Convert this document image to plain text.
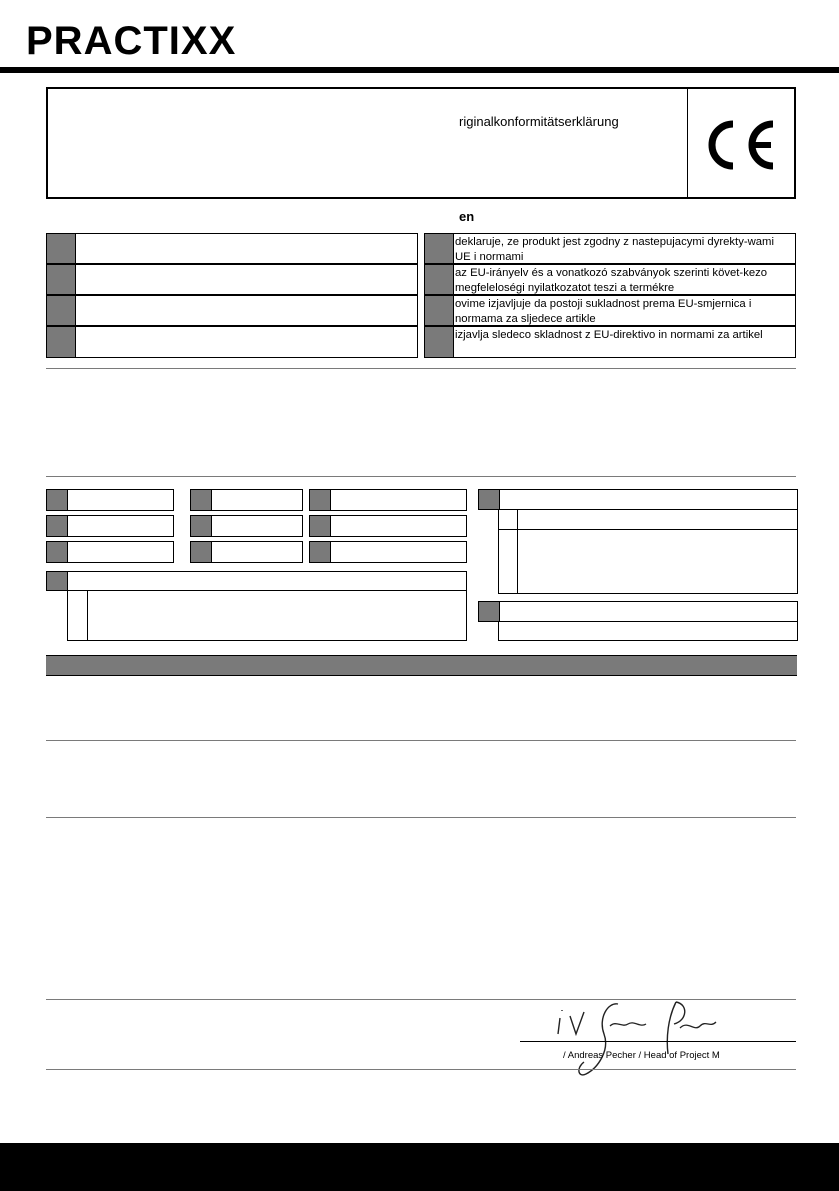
PRACTIXX
riginalkonformitätserklärung
en
deklaruje, ze produkt jest zgodny z nastepujacymi dyrekty-wami UE i normami
az EU-irányelv és a vonatkozó szabványok szerinti követ-kezo megfeleloségi nyilatkozatot teszi a termékre
ovime izjavljuje da postoji sukladnost prema EU-smjernica i normama za sljedece artikle
izjavlja sledeco skladnost z EU-direktivo in normami za artikel
/ Andreas Pecher / Head of Project M
